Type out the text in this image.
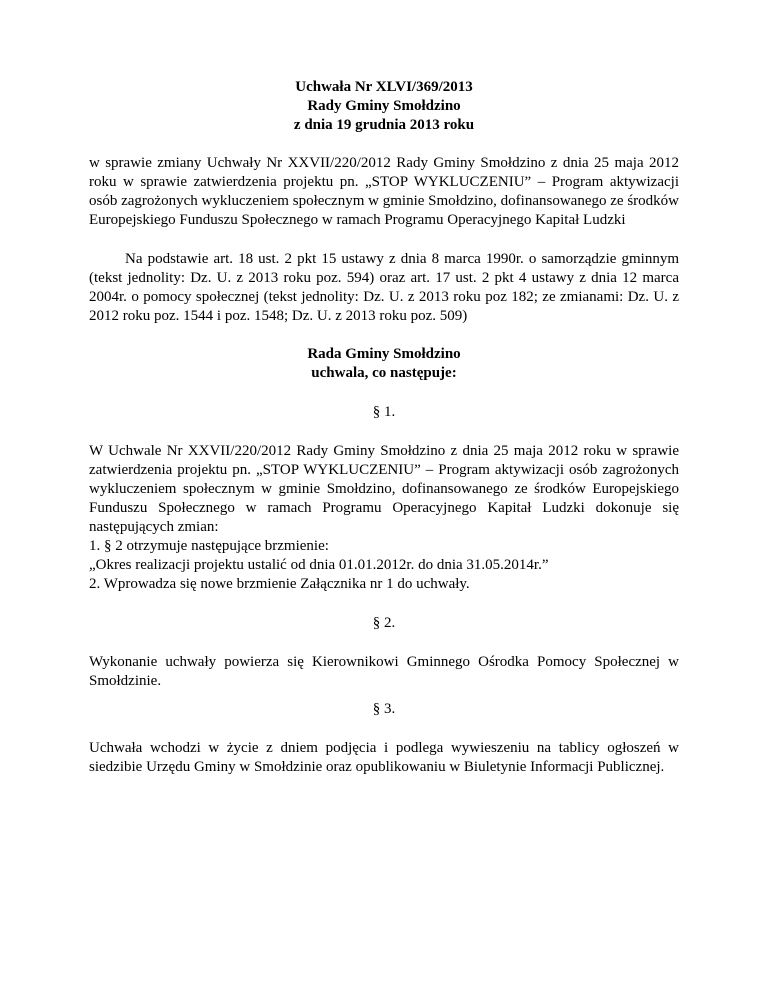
Uchwała Nr XLVI/369/2013
Rady Gminy Smołdzino
z dnia 19 grudnia 2013 roku

w sprawie zmiany Uchwały Nr XXVII/220/2012 Rady Gminy Smołdzino z dnia 25 maja 2012 roku w sprawie zatwierdzenia projektu pn. „STOP WYKLUCZENIU” – Program aktywizacji osób zagrożonych wykluczeniem społecznym w gminie Smołdzino, dofinansowanego ze środków Europejskiego Funduszu Społecznego w ramach Programu Operacyjnego Kapitał Ludzki

Na podstawie art. 18 ust. 2 pkt 15 ustawy z dnia 8 marca 1990r. o samorządzie gminnym (tekst jednolity: Dz. U. z 2013 roku poz. 594) oraz art. 17 ust. 2 pkt 4 ustawy z dnia 12 marca 2004r. o pomocy społecznej (tekst jednolity: Dz. U. z 2013 roku poz 182; ze zmianami: Dz. U. z 2012 roku poz. 1544 i poz. 1548; Dz. U. z 2013 roku poz. 509)

Rada Gminy Smołdzino
uchwala, co następuje:

§ 1.

W Uchwale Nr XXVII/220/2012 Rady Gminy Smołdzino z dnia 25 maja 2012 roku w sprawie zatwierdzenia projektu pn. „STOP WYKLUCZENIU” – Program aktywizacji osób zagrożonych wykluczeniem społecznym w gminie Smołdzino, dofinansowanego ze środków Europejskiego Funduszu Społecznego w ramach Programu Operacyjnego Kapitał Ludzki dokonuje się następujących zmian:

1. § 2 otrzymuje następujące brzmienie:

„Okres realizacji projektu ustalić od dnia 01.01.2012r. do dnia 31.05.2014r.”

2. Wprowadza się nowe brzmienie Załącznika nr 1 do uchwały.

§ 2.

Wykonanie uchwały powierza się Kierownikowi Gminnego Ośrodka Pomocy Społecznej w Smołdzinie.

§ 3.

Uchwała wchodzi w życie z dniem podjęcia i podlega wywieszeniu na tablicy ogłoszeń w siedzibie Urzędu Gminy w Smołdzinie oraz opublikowaniu w Biuletynie Informacji Publicznej.
